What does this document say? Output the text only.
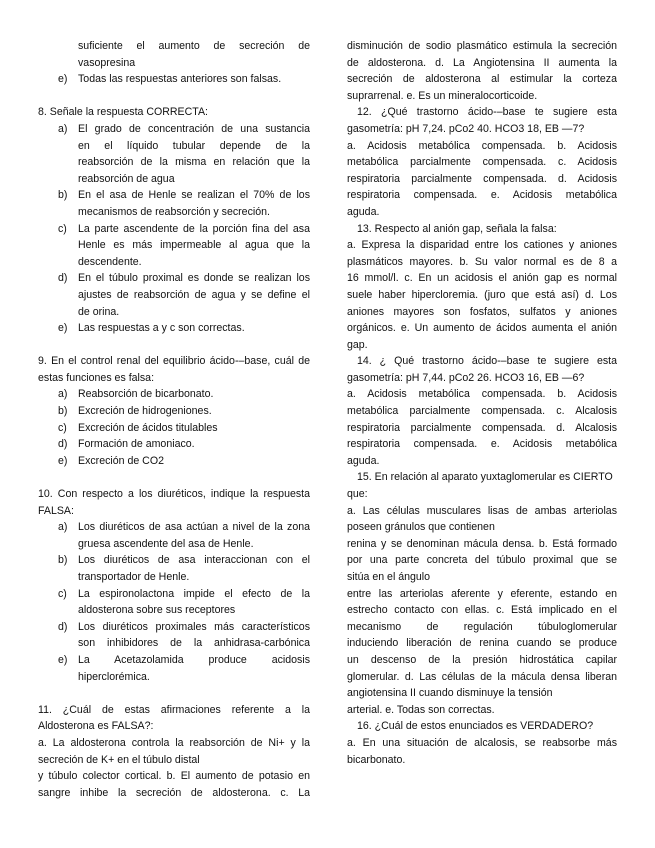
suficiente el aumento de secreción de
vasopresina
e) Todas las respuestas anteriores son falsas.
8. Señale la respuesta CORRECTA:
a) El grado de concentración de una sustancia
en el líquido tubular depende de la
reabsorción de la misma en relación que la
reabsorción de agua
b) En el asa de Henle se realizan el 70% de los
mecanismos de reabsorción y secreción.
c) La parte ascendente de la porción fina del asa
Henle es más impermeable al agua que la
descendente.
d) En el túbulo proximal es donde se realizan los
ajustes de reabsorción de agua y se define el
de orina.
e) Las respuestas a y c son correctas.
9. En el control renal del equilibrio ácido-–base, cuál de
estas funciones es falsa:
a) Reabsorción de bicarbonato.
b) Excreción de hidrogeniones.
c) Excreción de ácidos titulables
d) Formación de amoniaco.
e) Excreción de CO2
10. Con respecto a los diuréticos, indique la respuesta
FALSA:
a) Los diuréticos de asa actúan a nivel de la zona
gruesa ascendente del asa de Henle.
b) Los diuréticos de asa interaccionan con el
transportador de Henle.
c) La espironolactona impide el efecto de la
aldosterona sobre sus receptores
d) Los diuréticos proximales más característicos
son inhibidores de la anhidrasa-carbónica
e) La Acetazolamida produce acidosis
hiperclorémica.
11. ¿Cuál de estas afirmaciones referente a la
Aldosterona es FALSA?:
a. La aldosterona controla la reabsorción de Ni+ y la
secreción de K+ en el túbulo distal
y túbulo colector cortical. b. El aumento de potasio en
sangre inhibe la secreción de aldosterona. c. La
disminución de sodio plasmático estimula la secreción
de aldosterona. d. La Angiotensina II aumenta la
secreción de aldosterona al estimular la corteza
suprarrenal. e. Es un mineralocorticoide.
12. ¿Qué trastorno ácido-–base te sugiere esta
gasometría: pH 7,24. pCo2 40. HCO3 18, EB —7?
a. Acidosis metabólica compensada. b. Acidosis
metabólica parcialmente compensada. c. Acidosis
respiratoria parcialmente compensada. d. Acidosis
respiratoria compensada. e. Acidosis metabólica
aguda.
13. Respecto al anión gap, señala la falsa:
a. Expresa la disparidad entre los cationes y aniones
plasmáticos mayores. b. Su valor normal es de 8 a
16 mmol/l. c. En un acidosis el anión gap es normal
suele haber hipercloremia. (juro que está así) d. Los
aniones mayores son fosfatos, sulfatos y aniones
orgánicos. e. Un aumento de ácidos aumenta el anión
gap.
14. ¿ Qué trastorno ácido-–base te sugiere esta
gasometría: pH 7,44. pCo2 26. HCO3 16, EB —6?
a. Acidosis metabólica compensada. b. Acidosis
metabólica parcialmente compensada. c. Alcalosis
respiratoria parcialmente compensada. d. Alcalosis
respiratoria compensada. e. Acidosis metabólica
aguda.
15. En relación al aparato yuxtaglomerular es CIERTO
que:
a. Las células musculares lisas de ambas arteriolas
poseen gránulos que contienen
renina y se denominan mácula densa. b. Está formado
por una parte concreta del túbulo proximal que se
sitúa en el ángulo
entre las arteriolas aferente y eferente, estando en
estrecho contacto con ellas. c. Está implicado en el
mecanismo de regulación túbuloglomerular
induciendo liberación de renina cuando se produce
un descenso de la presión hidrostática capilar
glomerular. d. Las células de la mácula densa liberan
angiotensina II cuando disminuye la tensión
arterial. e. Todas son correctas.
16. ¿Cuál de estos enunciados es VERDADERO?
a. En una situación de alcalosis, se reabsorbe más
bicarbonato.
